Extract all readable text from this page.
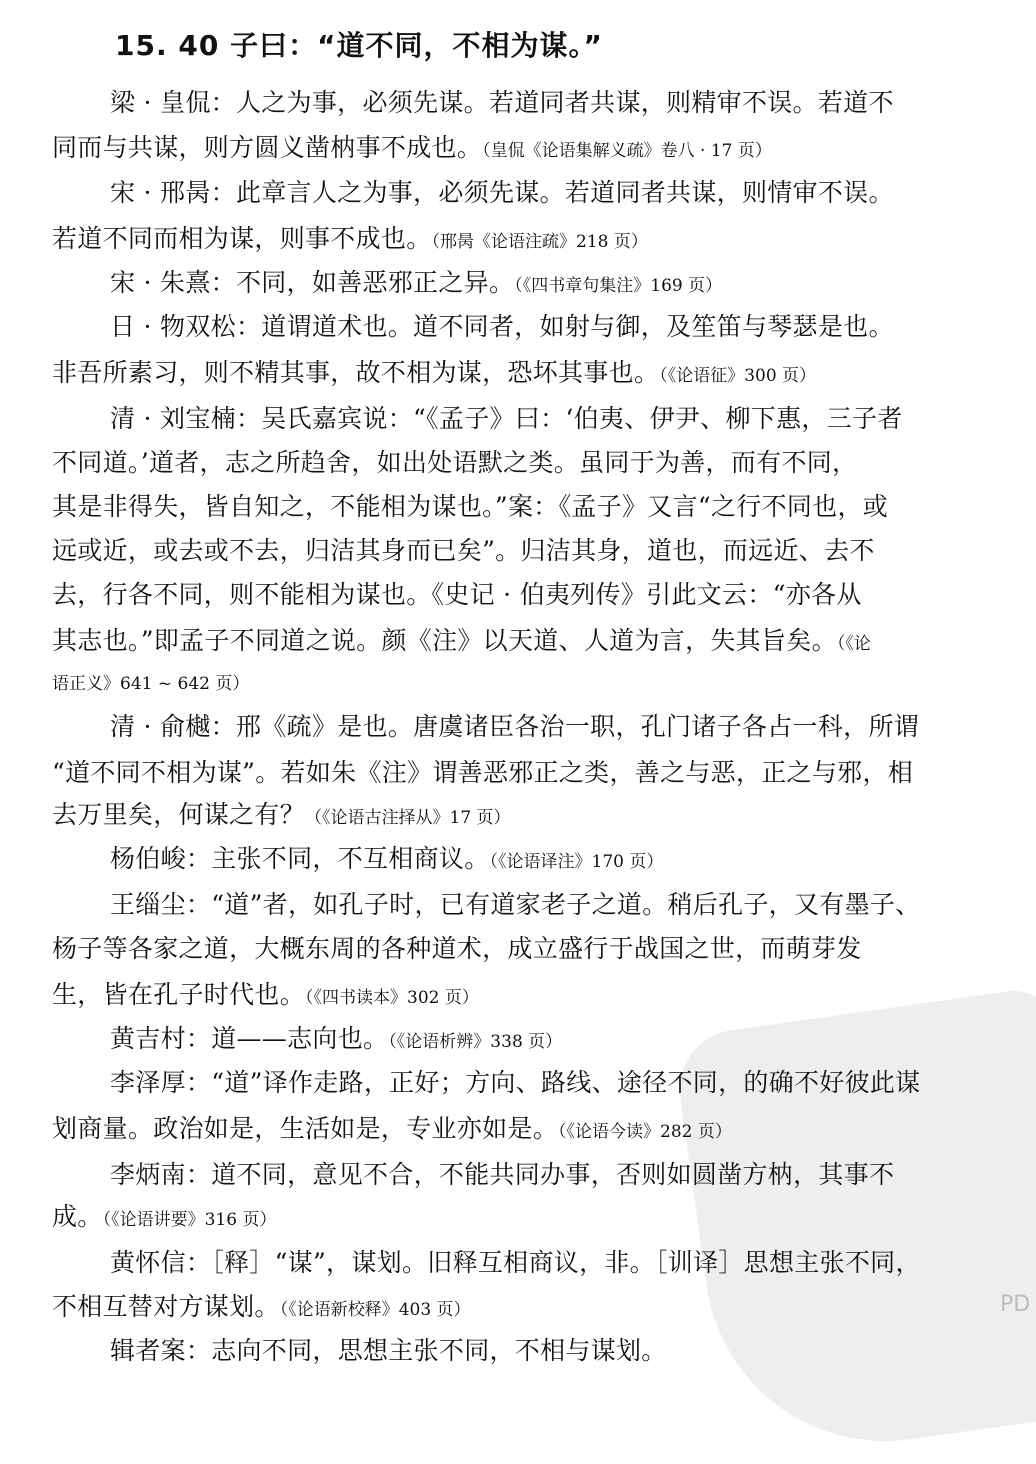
PD
15. 40 子曰：“道不同，不相为谋。”
梁 · 皇侃：人之为事，必须先谋。若道同者共谋，则精审不误。若道不
同而与共谋，则方圆义凿枘事不成也。（皇侃《论语集解义疏》卷八 · 17 页）
宋 · 邢昺：此章言人之为事，必须先谋。若道同者共谋，则情审不误。
若道不同而相为谋，则事不成也。（邢昺《论语注疏》218 页）
宋 · 朱熹：不同，如善恶邪正之异。（《四书章句集注》169 页）
日 · 物双松：道谓道术也。道不同者，如射与御，及笙笛与琴瑟是也。
非吾所素习，则不精其事，故不相为谋，恐坏其事也。（《论语征》300 页）
清 · 刘宝楠：吴氏嘉宾说：“《孟子》曰：‘伯夷、伊尹、柳下惠，三子者
不同道。’道者，志之所趋舍，如出处语默之类。虽同于为善，而有不同，
其是非得失，皆自知之，不能相为谋也。”案：《孟子》又言“之行不同也，或
远或近，或去或不去，归洁其身而已矣”。归洁其身，道也，而远近、去不
去，行各不同，则不能相为谋也。《史记 · 伯夷列传》引此文云：“亦各从
其志也。”即孟子不同道之说。颜《注》以天道、人道为言，失其旨矣。（《论
语正义》641 ~ 642 页）
清 · 俞樾：邢《疏》是也。唐虞诸臣各治一职，孔门诸子各占一科，所谓
“道不同不相为谋”。若如朱《注》谓善恶邪正之类，善之与恶，正之与邪，相
去万里矣，何谋之有？（《论语古注择从》17 页）
杨伯峻：主张不同，不互相商议。（《论语译注》170 页）
王缁尘：“道”者，如孔子时，已有道家老子之道。稍后孔子，又有墨子、
杨子等各家之道，大概东周的各种道术，成立盛行于战国之世，而萌芽发
生，皆在孔子时代也。（《四书读本》302 页）
黄吉村：道——志向也。（《论语析辨》338 页）
李泽厚：“道”译作走路，正好；方向、路线、途径不同，的确不好彼此谋
划商量。政治如是，生活如是，专业亦如是。（《论语今读》282 页）
李炳南：道不同，意见不合，不能共同办事，否则如圆凿方枘，其事不
成。（《论语讲要》316 页）
黄怀信：［释］“谋”，谋划。旧释互相商议，非。［训译］思想主张不同，
不相互替对方谋划。（《论语新校释》403 页）
辑者案：志向不同，思想主张不同，不相与谋划。
